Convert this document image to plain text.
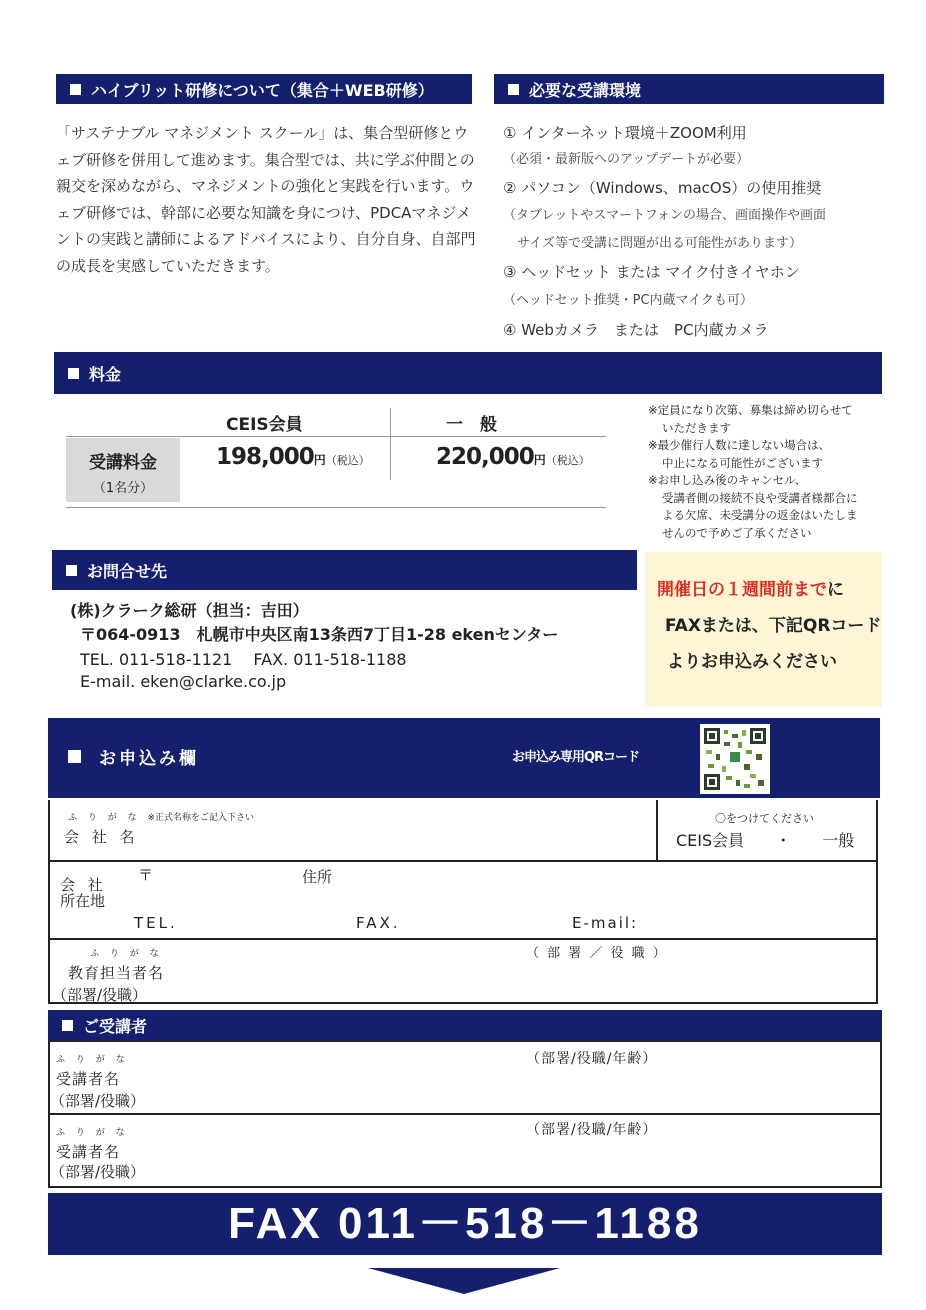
ハイブリット研修について（集合＋WEB研修）
「サステナブル マネジメント スクール」は、集合型研修とウェブ研修を併用して進めます。集合型では、共に学ぶ仲間との親交を深めながら、マネジメントの強化と実践を行います。ウェブ研修では、幹部に必要な知識を身につけ、PDCAマネジメントの実践と講師によるアドバイスにより、自分自身、自部門の成長を実感していただきます。
必要な受講環境
① インターネット環境＋ZOOM利用
（必須・最新版へのアップデートが必要）
② パソコン（Windows、macOS）の使用推奨
（タブレットやスマートフォンの場合、画面操作や画面
サイズ等で受講に問題が出る可能性があります）
③ ヘッドセット または マイク付きイヤホン
（ヘッドセット推奨・PC内蔵マイクも可）
④ Webカメラ　または　PC内蔵カメラ
料金
CEIS会員	一　般
受講料金
（1名分）
198,000円（税込）	220,000円（税込）
※定員になり次第、募集は締め切らせて
いただきます
※最少催行人数に達しない場合は、
中止になる可能性がございます
※お申し込み後のキャンセル、
受講者側の接続不良や受講者様都合に
よる欠席、未受講分の返金はいたしま
せんので予めご了承ください
お問合せ先
(株)クラーク総研（担当：吉田）
〒064-0913　札幌市中央区南13条西7丁目1-28 ekenセンター
TEL. 011-518-1121　 FAX. 011-518-1188
E-mail. eken@clarke.co.jp
開催日の１週間前までに
FAXまたは、下記QRコード
よりお申込みください
お申込み欄	お申込み専用QRコード
ふ り が な ※正式名称をご記入下さい
会 社 名
〇をつけてください
CEIS会員 ・ 一般
会 社
所在地
〒	住所
TEL.	FAX.	E-mail:
ふ り が な
教育担当者名
（部署/役職）
（ 部 署 ／ 役 職 ）
ご受講者
ふ り が な
受講者名
（部署/役職）
（部署/役職/年齢）
ふ り が な
受講者名
（部署/役職）
（部署/役職/年齢）
FAX 011－518－1188
